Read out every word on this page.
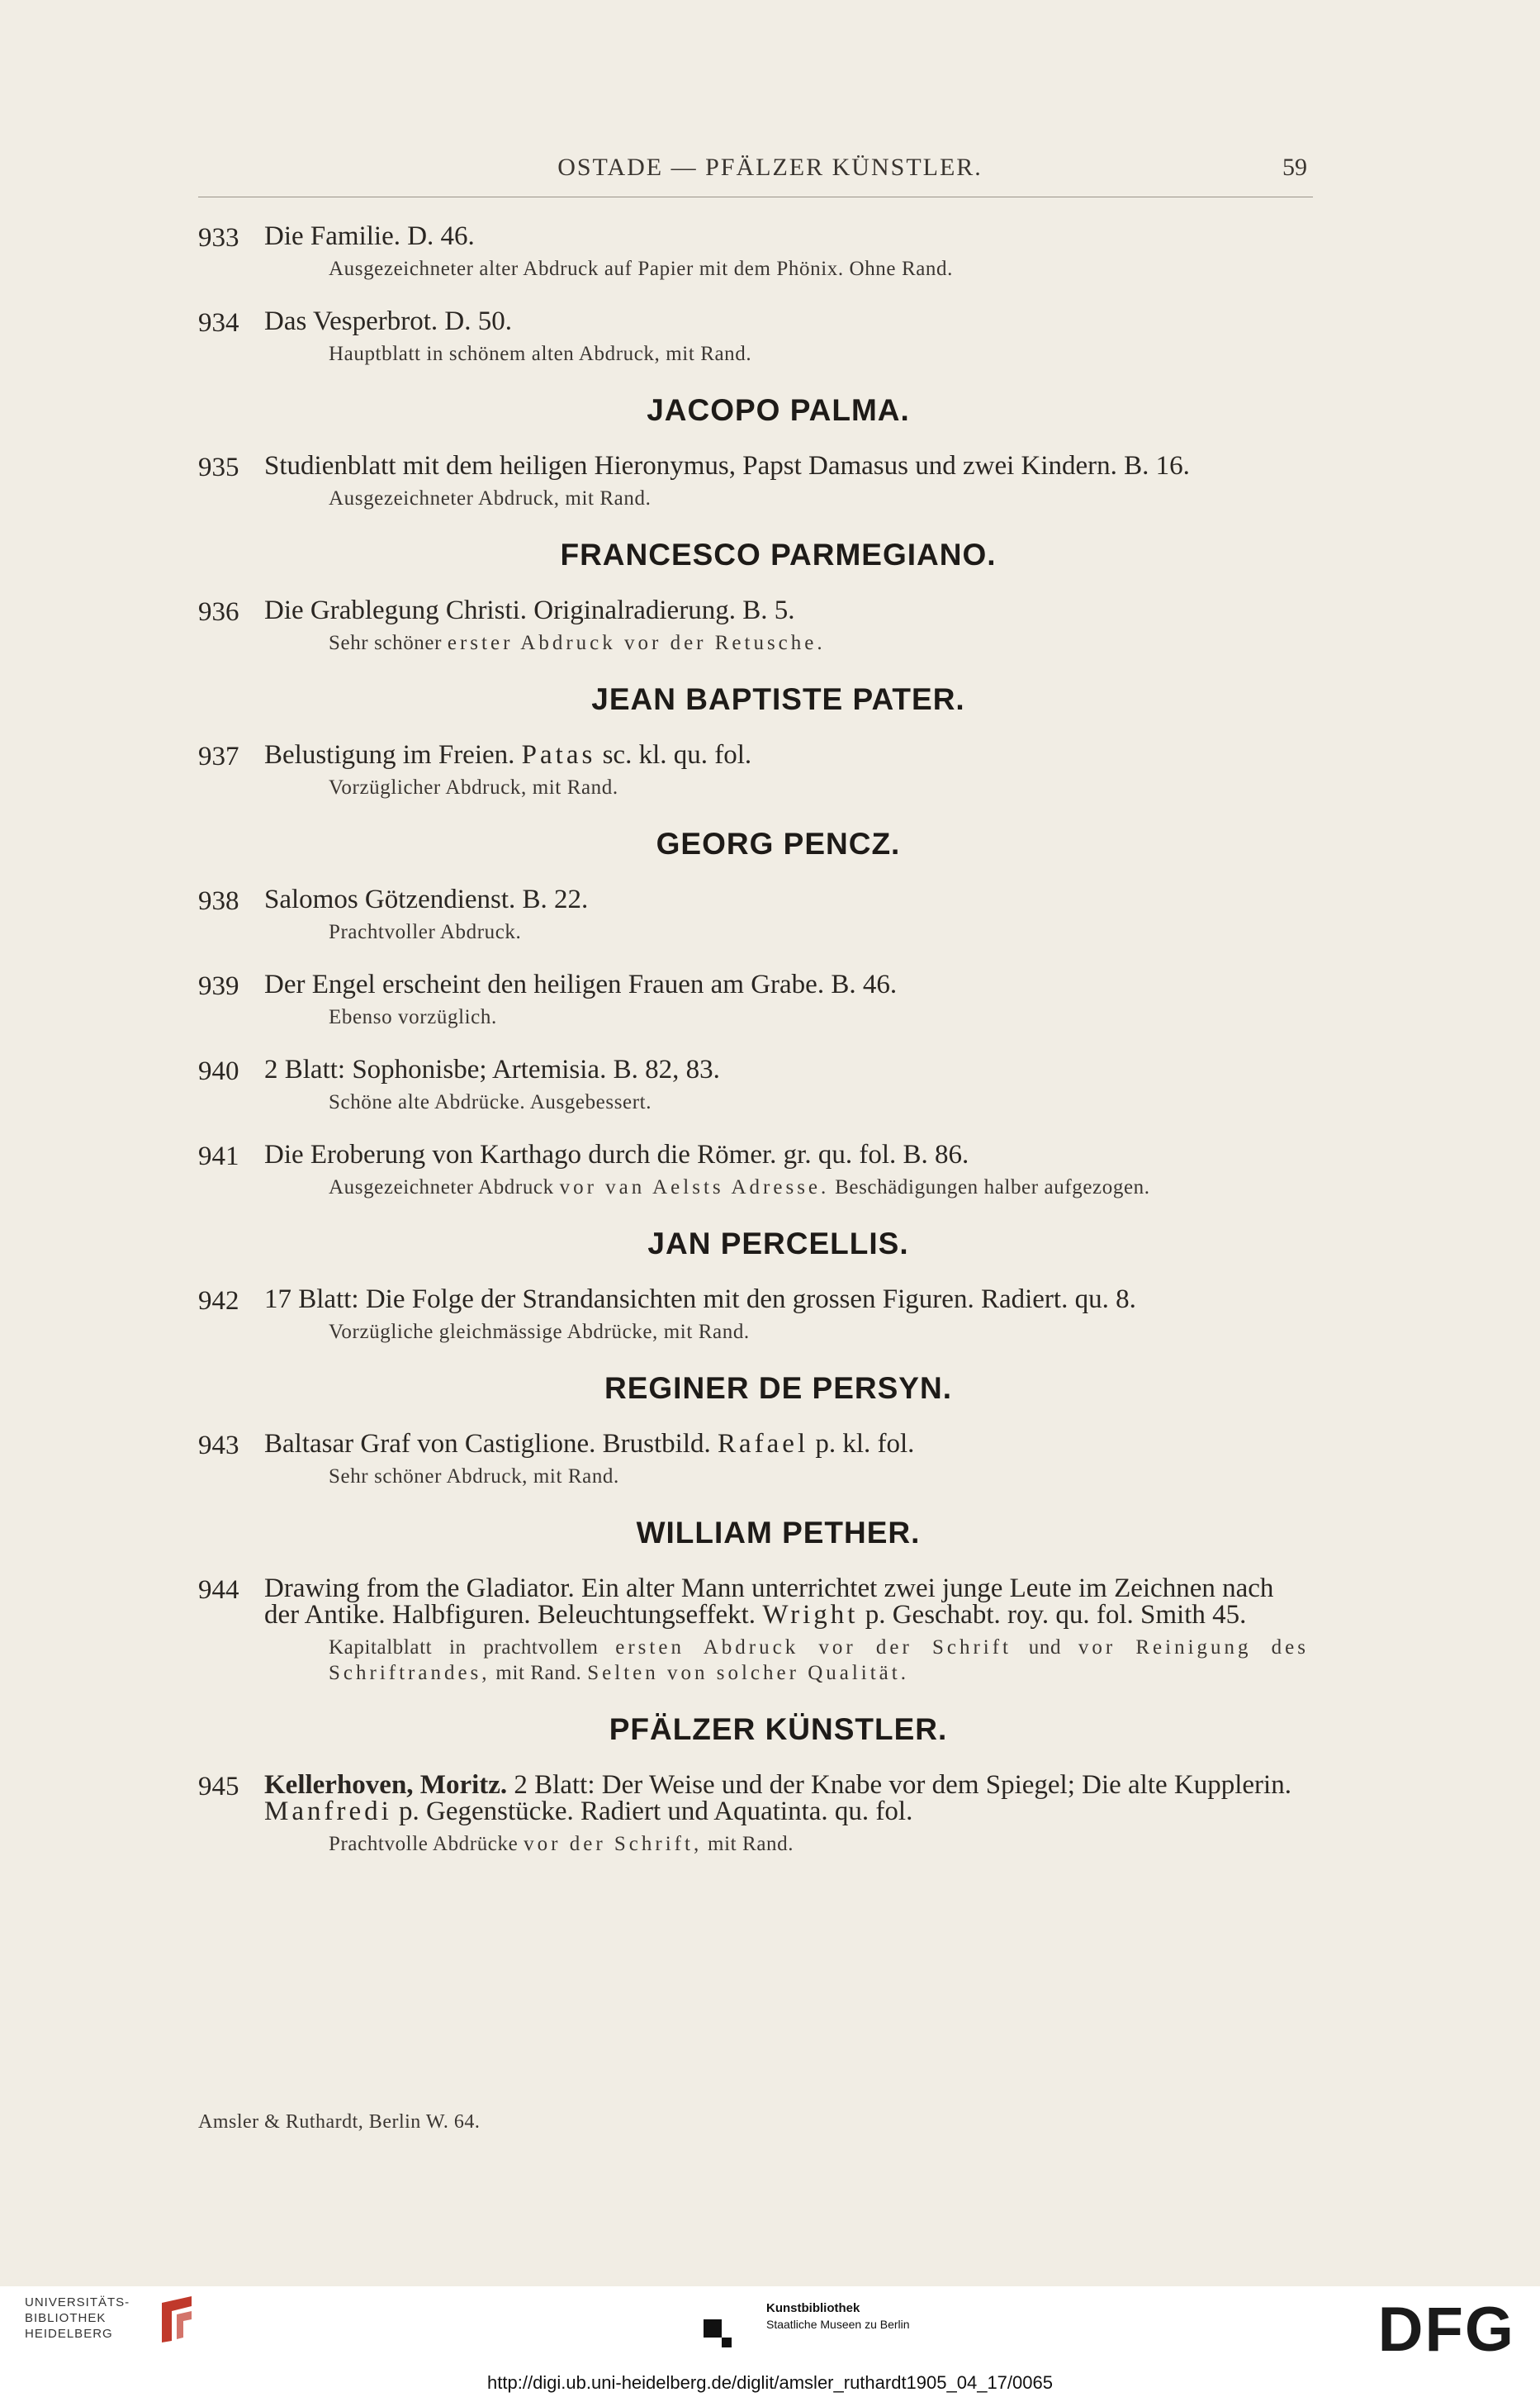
OSTADE — PFÄLZER KÜNSTLER.	59
933 Die Familie. D. 46.
Ausgezeichneter alter Abdruck auf Papier mit dem Phönix. Ohne Rand.
934 Das Vesperbrot. D. 50.
Hauptblatt in schönem alten Abdruck, mit Rand.
JACOPO PALMA.
935 Studienblatt mit dem heiligen Hieronymus, Papst Damasus und zwei Kindern. B. 16.
Ausgezeichneter Abdruck, mit Rand.
FRANCESCO PARMEGIANO.
936 Die Grablegung Christi. Originalradierung. B. 5.
Sehr schöner erster Abdruck vor der Retusche.
JEAN BAPTISTE PATER.
937 Belustigung im Freien. Patas sc. kl. qu. fol.
Vorzüglicher Abdruck, mit Rand.
GEORG PENCZ.
938 Salomos Götzendienst. B. 22.
Prachtvoller Abdruck.
939 Der Engel erscheint den heiligen Frauen am Grabe. B. 46.
Ebenso vorzüglich.
940 2 Blatt: Sophonisbe; Artemisia. B. 82, 83.
Schöne alte Abdrücke. Ausgebessert.
941 Die Eroberung von Karthago durch die Römer. gr. qu. fol. B. 86.
Ausgezeichneter Abdruck vor van Aelsts Adresse. Beschädigungen halber aufgezogen.
JAN PERCELLIS.
942 17 Blatt: Die Folge der Strandansichten mit den grossen Figuren. Radiert. qu. 8.
Vorzügliche gleichmässige Abdrücke, mit Rand.
REGINER DE PERSYN.
943 Baltasar Graf von Castiglione. Brustbild. Rafael p. kl. fol.
Sehr schöner Abdruck, mit Rand.
WILLIAM PETHER.
944 Drawing from the Gladiator. Ein alter Mann unterrichtet zwei junge Leute im Zeichnen nach der Antike. Halbfiguren. Beleuchtungseffekt. Wright p. Geschabt. roy. qu. fol. Smith 45.
Kapitalblatt in prachtvollem ersten Abdruck vor der Schrift und vor Reinigung des Schriftrandes, mit Rand. Selten von solcher Qualität.
PFÄLZER KÜNSTLER.
945 Kellerhoven, Moritz. 2 Blatt: Der Weise und der Knabe vor dem Spiegel; Die alte Kupplerin. Manfredi p. Gegenstücke. Radiert und Aquatinta. qu. fol.
Prachtvolle Abdrücke vor der Schrift, mit Rand.
Amsler & Ruthardt, Berlin W. 64.
UNIVERSITÄTS-
BIBLIOTHEK
HEIDELBERG
Kunstbibliothek
Staatliche Museen zu Berlin	DFG
http://digi.ub.uni-heidelberg.de/diglit/amsler_ruthardt1905_04_17/0065
